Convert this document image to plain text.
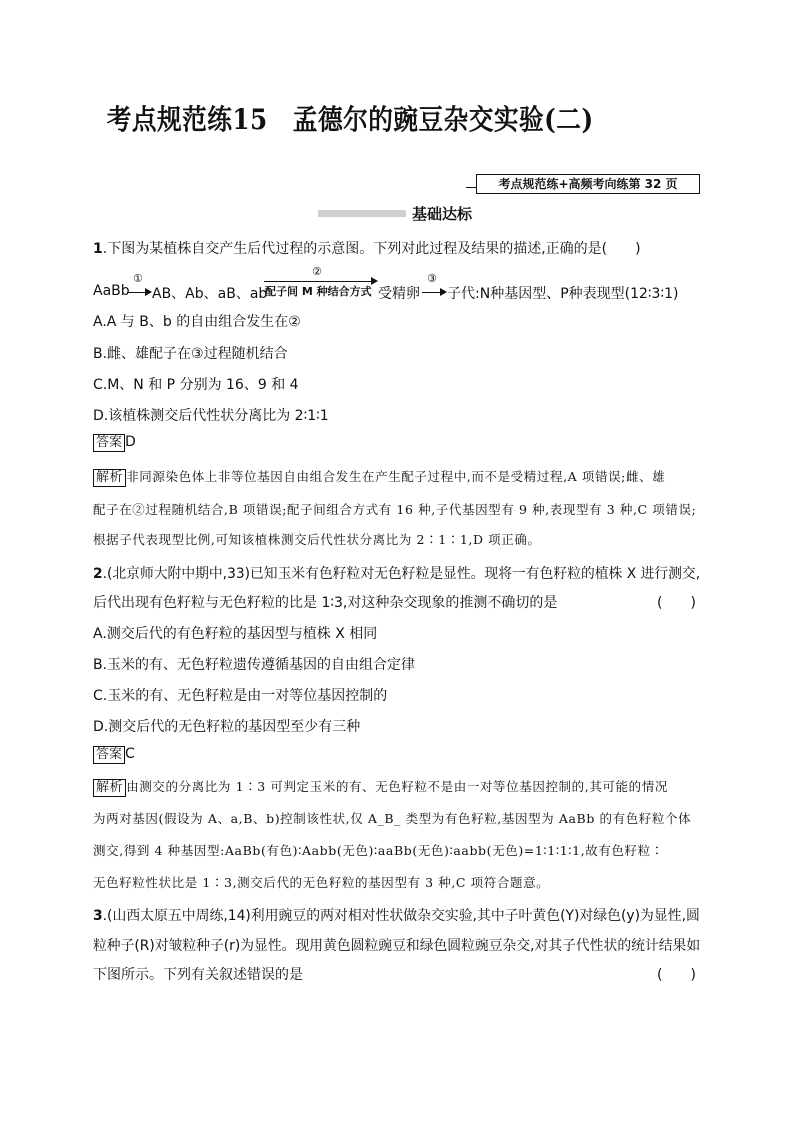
考点规范练15　孟德尔的豌豆杂交实验(二)
考点规范练+高频考向练第 32 页
基础达标
1.下图为某植株自交产生后代过程的示意图。下列对此过程及结果的描述,正确的是(　　)
AaBb
①
AB、Ab、aB、ab
②
配子间 M 种结合方式 受精卵
③
子代:N种基因型、P种表现型(12∶3∶1)
A.A 与 B、b 的自由组合发生在②
B.雌、雄配子在③过程随机结合
C.M、N 和 P 分别为 16、9 和 4
D.该植株测交后代性状分离比为 2∶1∶1
答案 D
解析 非同源染色体上非等位基因自由组合发生在产生配子过程中,而不是受精过程,A 项错误;雌、雄
配子在②过程随机结合,B 项错误;配子间组合方式有 16 种,子代基因型有 9 种,表现型有 3 种,C 项错误;
根据子代表现型比例,可知该植株测交后代性状分离比为 2∶1∶1,D 项正确。
2.(北京师大附中期中,33)已知玉米有色籽粒对无色籽粒是显性。现将一有色籽粒的植株 X 进行测交,
后代出现有色籽粒与无色籽粒的比是 1∶3,对这种杂交现象的推测不确切的是	(　　)
A.测交后代的有色籽粒的基因型与植株 X 相同
B.玉米的有、无色籽粒遗传遵循基因的自由组合定律
C.玉米的有、无色籽粒是由一对等位基因控制的
D.测交后代的无色籽粒的基因型至少有三种
答案 C
解析 由测交的分离比为 1∶3 可判定玉米的有、无色籽粒不是由一对等位基因控制的,其可能的情况
为两对基因(假设为 A、a,B、b)控制该性状,仅 A_B_ 类型为有色籽粒,基因型为 AaBb 的有色籽粒个体
测交,得到 4 种基因型:AaBb(有色)∶Aabb(无色)∶aaBb(无色)∶aabb(无色)=1∶1∶1∶1,故有色籽粒∶
无色籽粒性状比是 1∶3,测交后代的无色籽粒的基因型有 3 种,C 项符合题意。
3.(山西太原五中周练,14)利用豌豆的两对相对性状做杂交实验,其中子叶黄色(Y)对绿色(y)为显性,圆
粒种子(R)对皱粒种子(r)为显性。现用黄色圆粒豌豆和绿色圆粒豌豆杂交,对其子代性状的统计结果如
下图所示。下列有关叙述错误的是	(　　)
